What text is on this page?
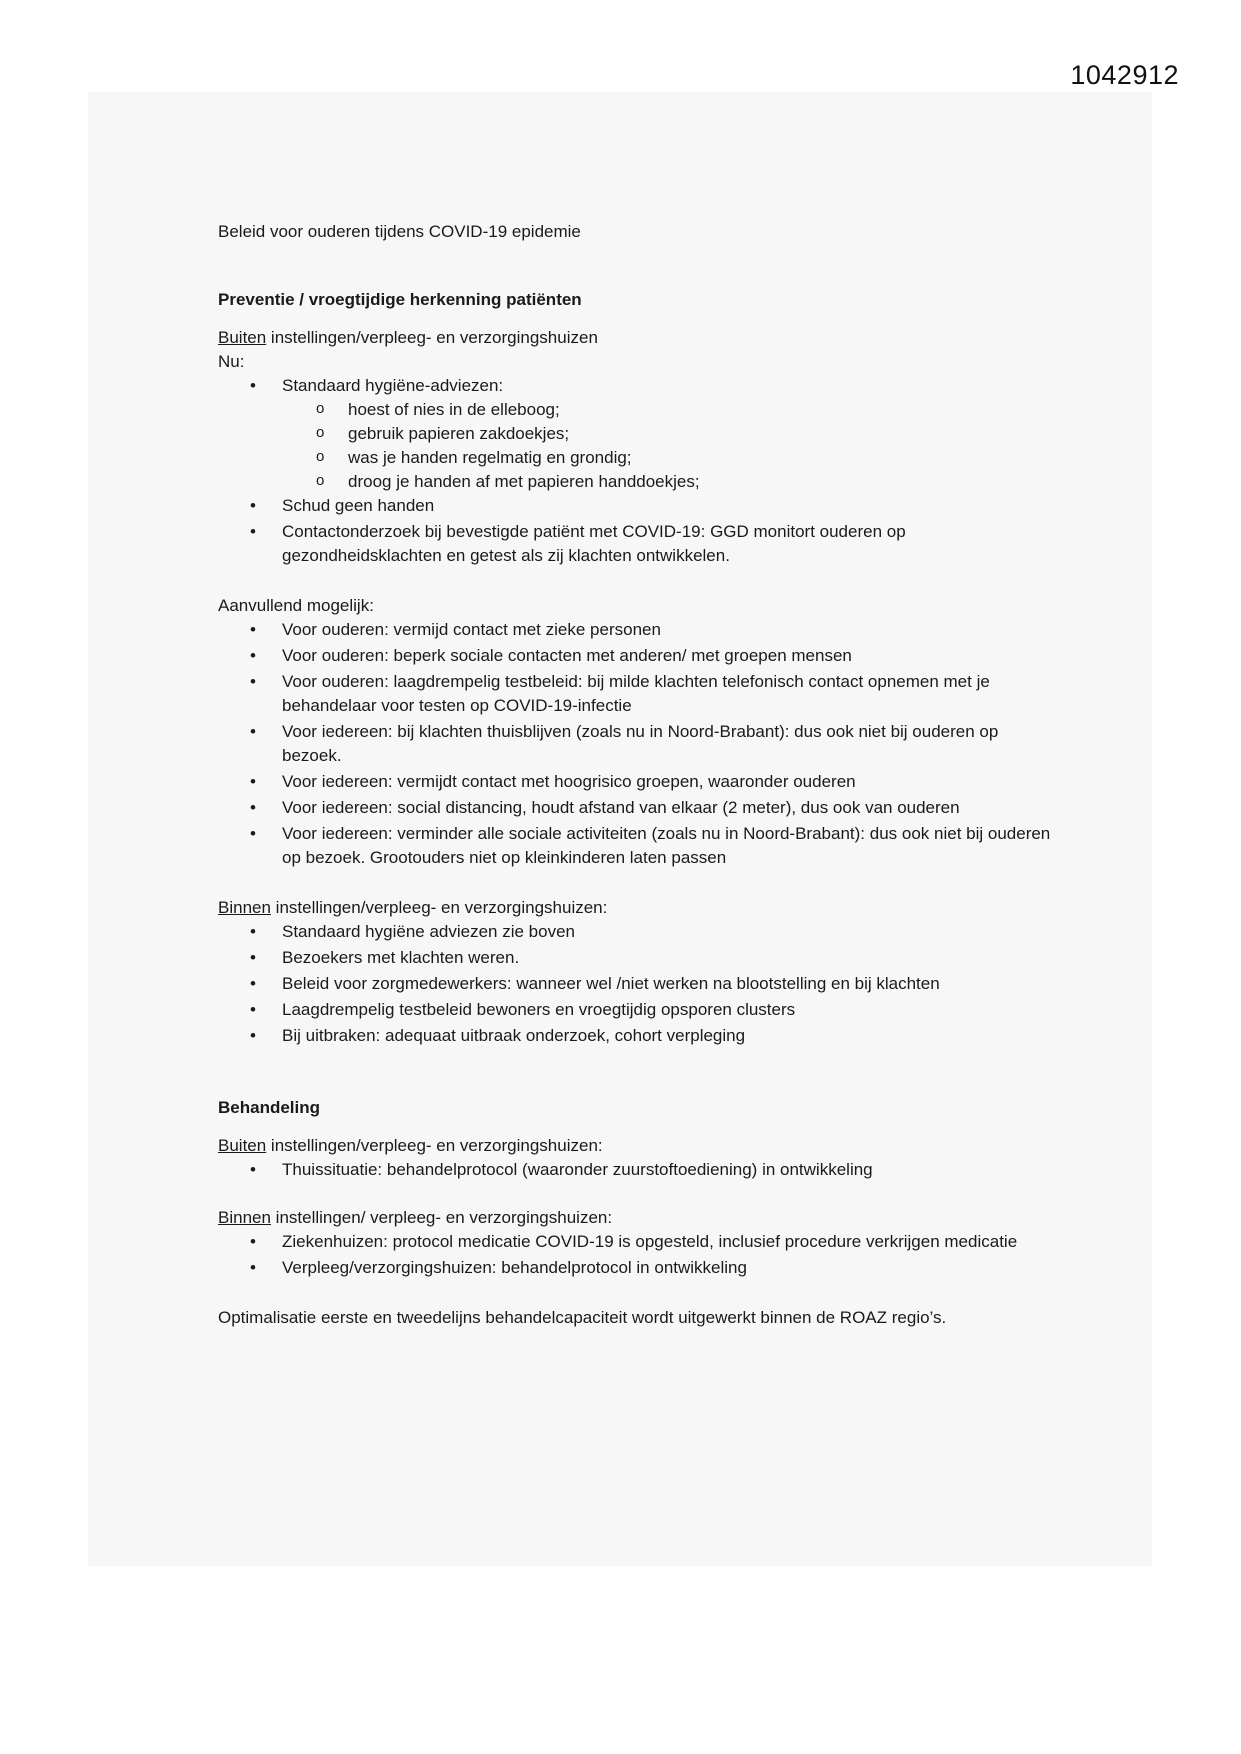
1042912

Beleid voor ouderen tijdens COVID-19 epidemie

Preventie / vroegtijdige herkenning patiënten

Buiten instellingen/verpleeg- en verzorgingshuizen

Nu:

• Standaard hygiëne-adviezen:
o hoest of nies in de elleboog;
o gebruik papieren zakdoekjes;
o was je handen regelmatig en grondig;
o droog je handen af met papieren handdoekjes;
• Schud geen handen
• Contactonderzoek bij bevestigde patiënt met COVID-19: GGD monitort ouderen op gezondheidsklachten en getest als zij klachten ontwikkelen.

Aanvullend mogelijk:

• Voor ouderen: vermijd contact met zieke personen
• Voor ouderen: beperk sociale contacten met anderen/ met groepen mensen
• Voor ouderen: laagdrempelig testbeleid: bij milde klachten telefonisch contact opnemen met je behandelaar voor testen op COVID-19-infectie
• Voor iedereen: bij klachten thuisblijven (zoals nu in Noord-Brabant): dus ook niet bij ouderen op bezoek.
• Voor iedereen: vermijdt contact met hoogrisico groepen, waaronder ouderen
• Voor iedereen: social distancing, houdt afstand van elkaar (2 meter), dus ook van ouderen
• Voor iedereen: verminder alle sociale activiteiten (zoals nu in Noord-Brabant): dus ook niet bij ouderen op bezoek. Grootouders niet op kleinkinderen laten passen

Binnen instellingen/verpleeg- en verzorgingshuizen:

• Standaard hygiëne adviezen zie boven
• Bezoekers met klachten weren.
• Beleid voor zorgmedewerkers: wanneer wel /niet werken na blootstelling en bij klachten
• Laagdrempelig testbeleid bewoners en vroegtijdig opsporen clusters
• Bij uitbraken: adequaat uitbraak onderzoek, cohort verpleging
Behandeling

Buiten instellingen/verpleeg- en verzorgingshuizen:

• Thuissituatie: behandelprotocol (waaronder zuurstoftoediening) in ontwikkeling

Binnen instellingen/ verpleeg- en verzorgingshuizen:

• Ziekenhuizen: protocol medicatie COVID-19 is opgesteld, inclusief procedure verkrijgen medicatie
• Verpleeg/verzorgingshuizen: behandelprotocol in ontwikkeling

Optimalisatie eerste en tweedelijns behandelcapaciteit wordt uitgewerkt binnen de ROAZ regio’s.
